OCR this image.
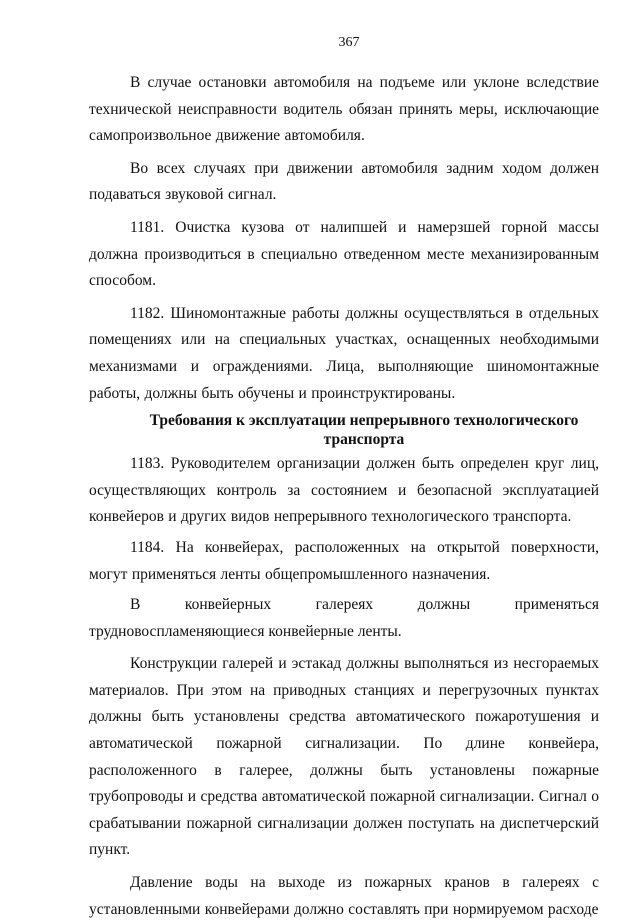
367

В случае остановки автомобиля на подъеме или уклоне вследствие технической неисправности водитель обязан принять меры, исключающие самопроизвольное движение автомобиля.

Во всех случаях при движении автомобиля задним ходом должен подаваться звуковой сигнал.

1181. Очистка кузова от налипшей и намерзшей горной массы должна производиться в специально отведенном месте механизированным способом.

1182. Шиномонтажные работы должны осуществляться в отдельных помещениях или на специальных участках, оснащенных необходимыми механизмами и ограждениями. Лица, выполняющие шиномонтажные работы, должны быть обучены и проинструктированы.

Требования к эксплуатации непрерывного технологического транспорта

1183. Руководителем организации должен быть определен круг лиц, осуществляющих контроль за состоянием и безопасной эксплуатацией конвейеров и других видов непрерывного технологического транспорта.

1184. На конвейерах, расположенных на открытой поверхности, могут применяться ленты общепромышленного назначения.

В	конвейерных	галереях	должны	применяться

трудновоспламеняющиеся конвейерные ленты.

Конструкции галерей и эстакад должны выполняться из несгораемых материалов. При этом на приводных станциях и перегрузочных пунктах должны быть установлены средства автоматического пожаротушения и автоматической пожарной сигнализации. По длине конвейера, расположенного в галерее, должны быть установлены пожарные трубопроводы и средства автоматической пожарной сигнализации. Сигнал о срабатывании пожарной сигнализации должен поступать на диспетчерский пункт.

Давление воды на выходе из пожарных кранов в галереях с установленными конвейерами должно составлять при нормируемом расходе
